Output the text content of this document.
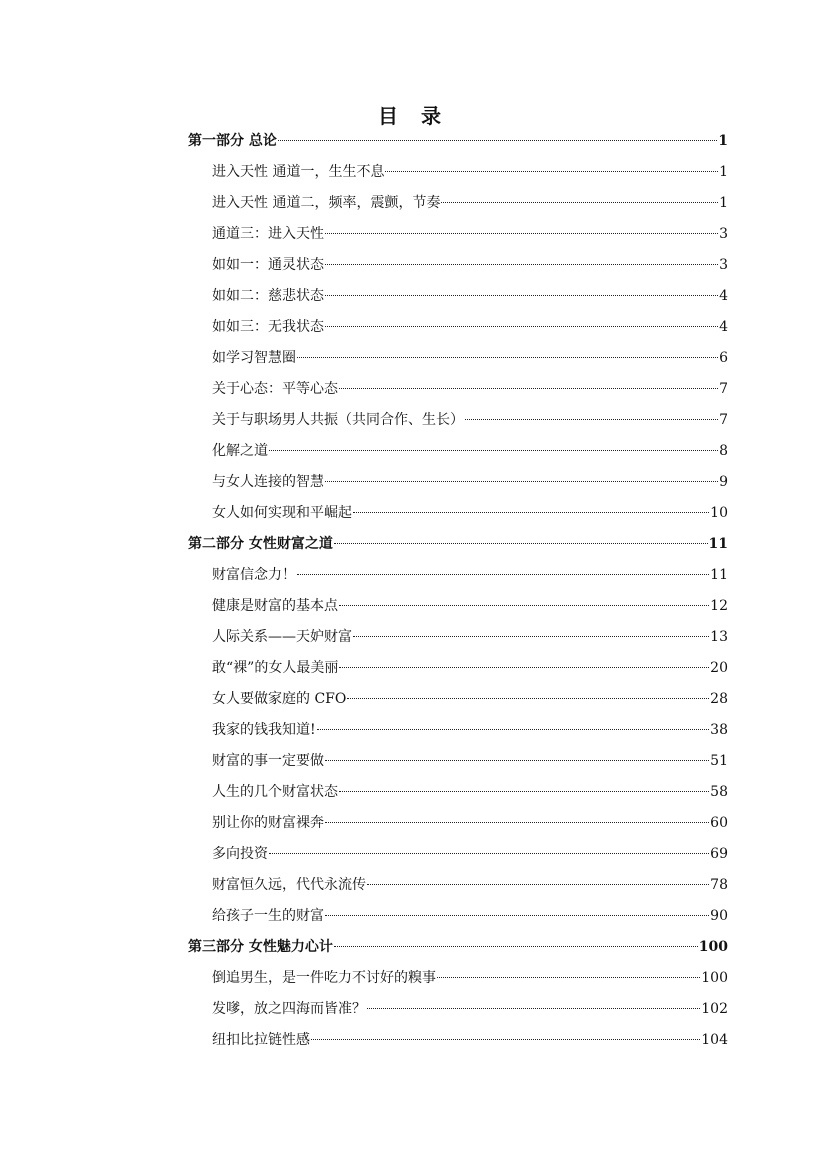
目 录
第一部分 总论	1
进入天性 通道一，生生不息	1
进入天性 通道二，频率，震颤，节奏	1
通道三：进入天性	3
如如一：通灵状态	3
如如二：慈悲状态	4
如如三：无我状态	4
如学习智慧圈	6
关于心态：平等心态	7
关于与职场男人共振（共同合作、生长）	7
化解之道	8
与女人连接的智慧	9
女人如何实现和平崛起	10
第二部分 女性财富之道	11
财富信念力！	11
健康是财富的基本点	12
人际关系——天妒财富	13
敢“裸”的女人最美丽	20
女人要做家庭的 CFO	28
我家的钱我知道!	38
财富的事一定要做	51
人生的几个财富状态	58
别让你的财富裸奔	60
多向投资	69
财富恒久远，代代永流传	78
给孩子一生的财富	90
第三部分 女性魅力心计	100
倒追男生，是一件吃力不讨好的糗事	100
发嗲，放之四海而皆准？	102
纽扣比拉链性感	104
